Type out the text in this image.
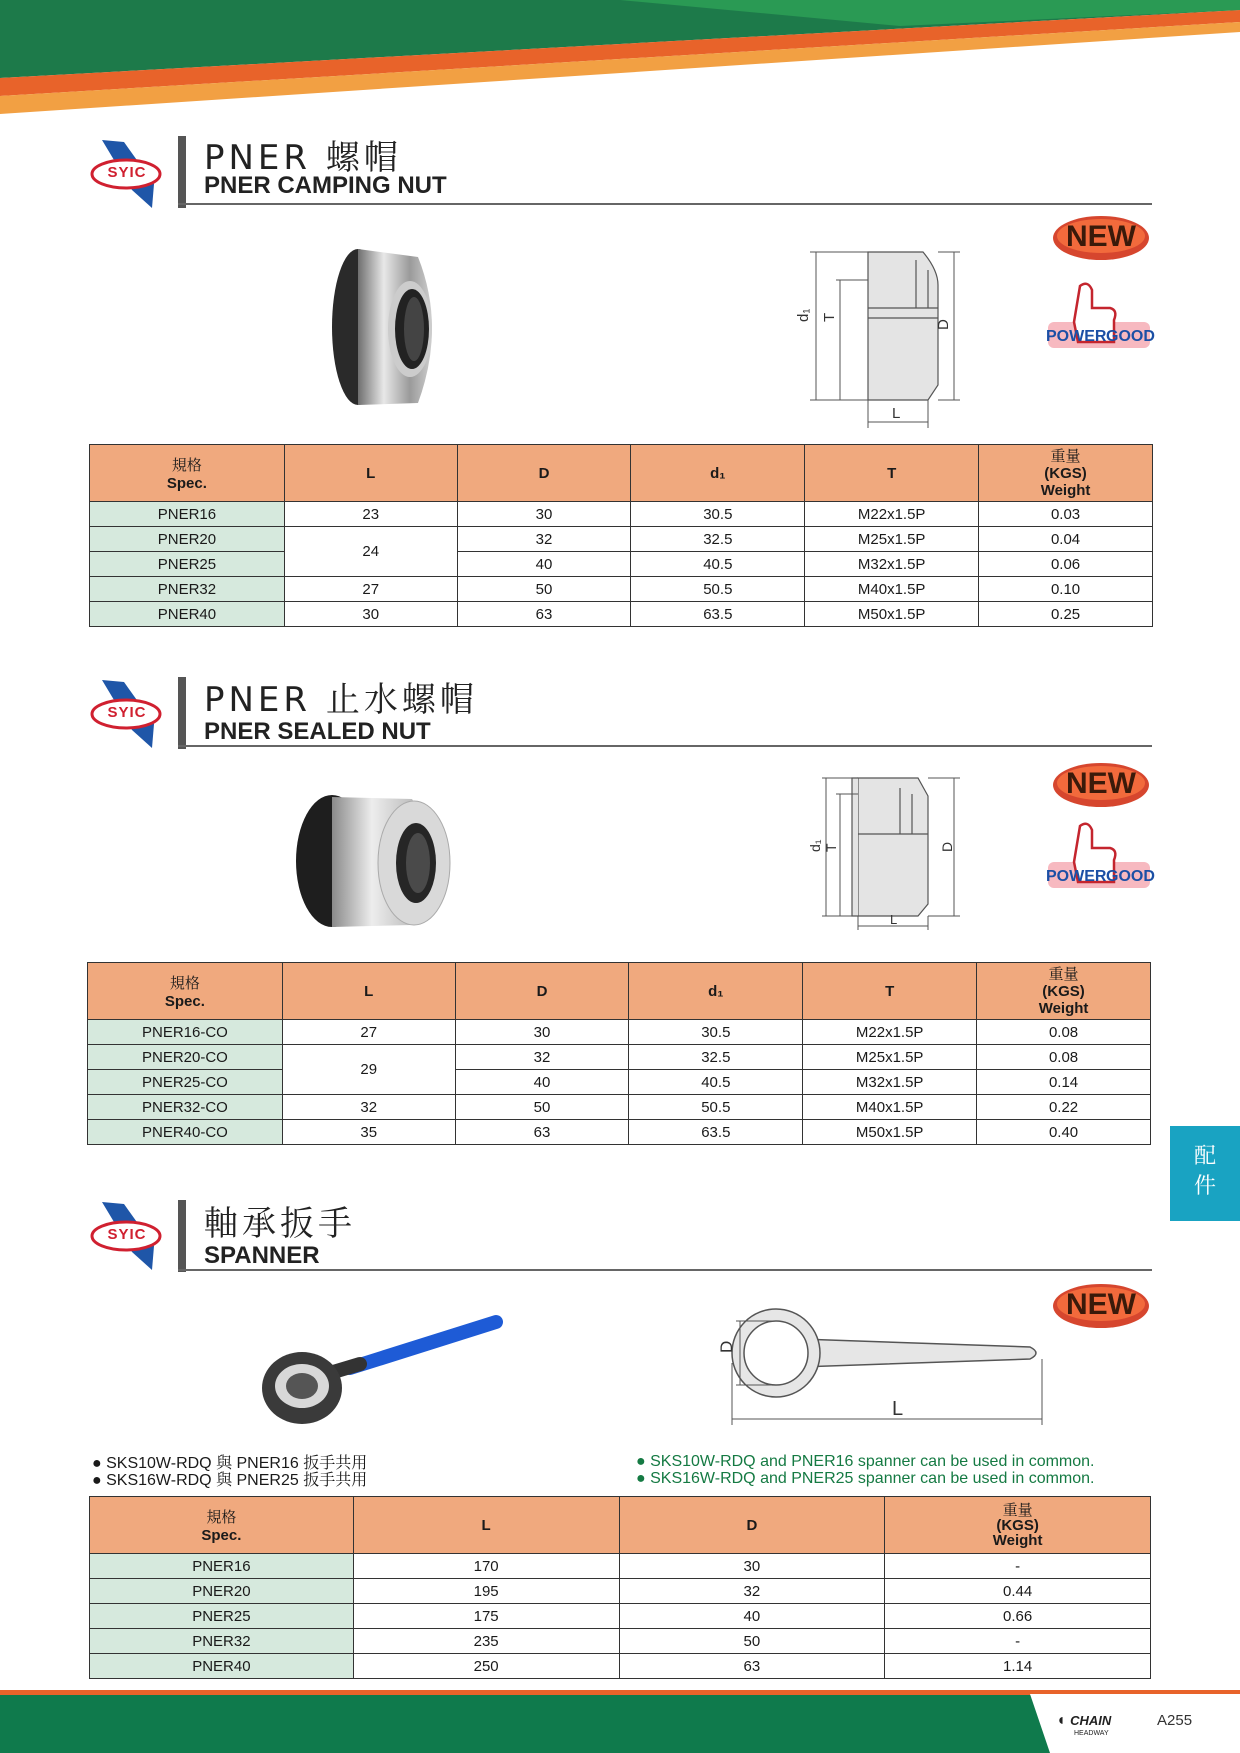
SYIC PNER 螺帽
PNER CAMPING NUT
d₁ T
D
L
NEW
POWER GOOD
規格
Spec.	L	D	d₁	T	重量
(KGS)
Weight
PNER16	23	30	30.5	M22x1.5P	0.03
PNER20	24	32	32.5	M25x1.5P	0.04
PNER25		40	40.5	M32x1.5P	0.06
PNER32	27	50	50.5	M40x1.5P	0.10
PNER40	30	63	63.5	M50x1.5P	0.25
SYIC PNER 止水螺帽
PNER SEALED NUT
d₁ T	D
L
NEW
POWER GOOD
規格
Spec.	L	D	d₁	T	重量
(KGS)
Weight
PNER16-CO	27	30	30.5	M22x1.5P	0.08
PNER20-CO	29	32	32.5	M25x1.5P	0.08
PNER25-CO		40	40.5	M32x1.5P	0.14
PNER32-CO	32	50	50.5	M40x1.5P	0.22
PNER40-CO	35	63	63.5	M50x1.5P	0.40
配
件
SYIC 軸承扳手
SPANNER
D
L
NEW
● SKS10W-RDQ 與 PNER16 扳手共用
● SKS16W-RDQ 與 PNER25 扳手共用
● SKS10W-RDQ and PNER16 spanner can be used in common.
● SKS16W-RDQ and PNER25 spanner can be used in common.
規格
Spec.	L	D	重量
(KGS)
Weight
PNER16	170	30	-
PNER20	195	32	0.44
PNER25	175	40	0.66
PNER32	235	50	-
PNER40	250	63	1.14
◖ CHAIN
HEADWAY
A255
